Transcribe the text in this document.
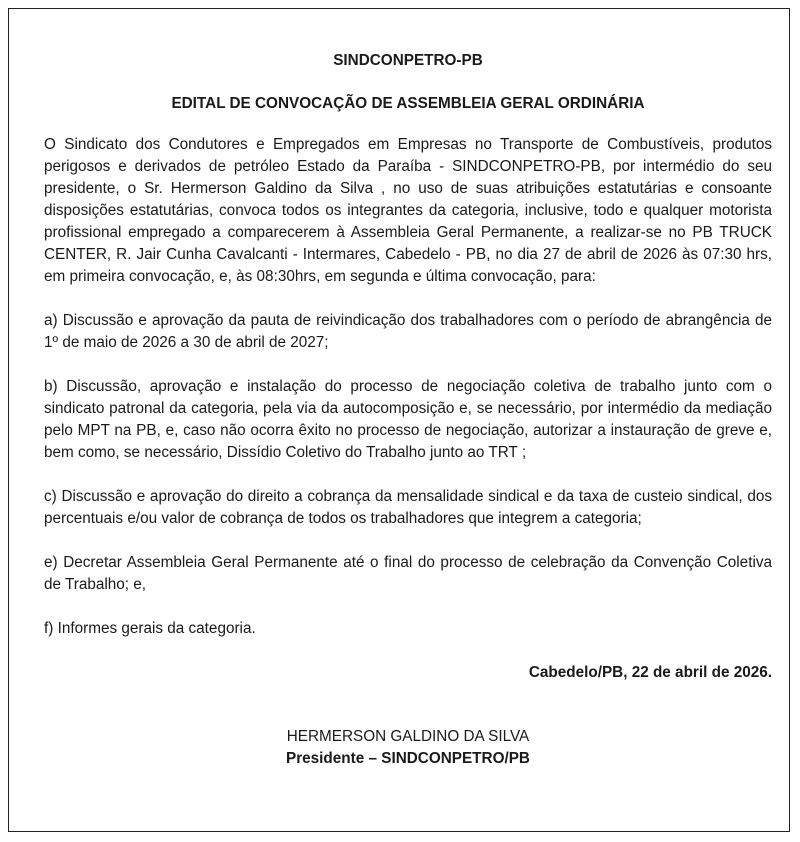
SINDCONPETRO-PB

EDITAL DE CONVOCAÇÃO DE ASSEMBLEIA GERAL ORDINÁRIA

O Sindicato dos Condutores e Empregados em Empresas no Transporte de Combustíveis, produtos perigosos e derivados de petróleo Estado da Paraíba - SINDCONPETRO-PB, por intermédio do seu presidente, o Sr. Hermerson Galdino da Silva , no uso de suas atribuições estatutárias e consoante disposições estatutárias, convoca todos os integrantes da categoria, inclusive, todo e qualquer motorista profissional empregado a comparecerem à Assembleia Geral Permanente, a realizar-se no PB TRUCK CENTER, R. Jair Cunha Cavalcanti - Intermares, Cabedelo - PB, no dia 27 de abril de 2026 às 07:30 hrs, em primeira convocação, e, às 08:30hrs, em segunda e última convocação, para:

a) Discussão e aprovação da pauta de reivindicação dos trabalhadores com o período de abrangência de 1º de maio de 2026 a 30 de abril de 2027;

b) Discussão, aprovação e instalação do processo de negociação coletiva de trabalho junto com o sindicato patronal da categoria, pela via da autocomposição e, se necessário, por intermédio da mediação pelo MPT na PB, e, caso não ocorra êxito no processo de negociação, autorizar a instauração de greve e, bem como, se necessário, Dissídio Coletivo do Trabalho junto ao TRT ;

c) Discussão e aprovação do direito a cobrança da mensalidade sindical e da taxa de custeio sindical, dos percentuais e/ou valor de cobrança de todos os trabalhadores que integrem a categoria;

e) Decretar Assembleia Geral Permanente até o final do processo de celebração da Convenção Coletiva de Trabalho; e,

f) Informes gerais da categoria.

Cabedelo/PB, 22 de abril de 2026.

HERMERSON GALDINO DA SILVA

Presidente – SINDCONPETRO/PB
